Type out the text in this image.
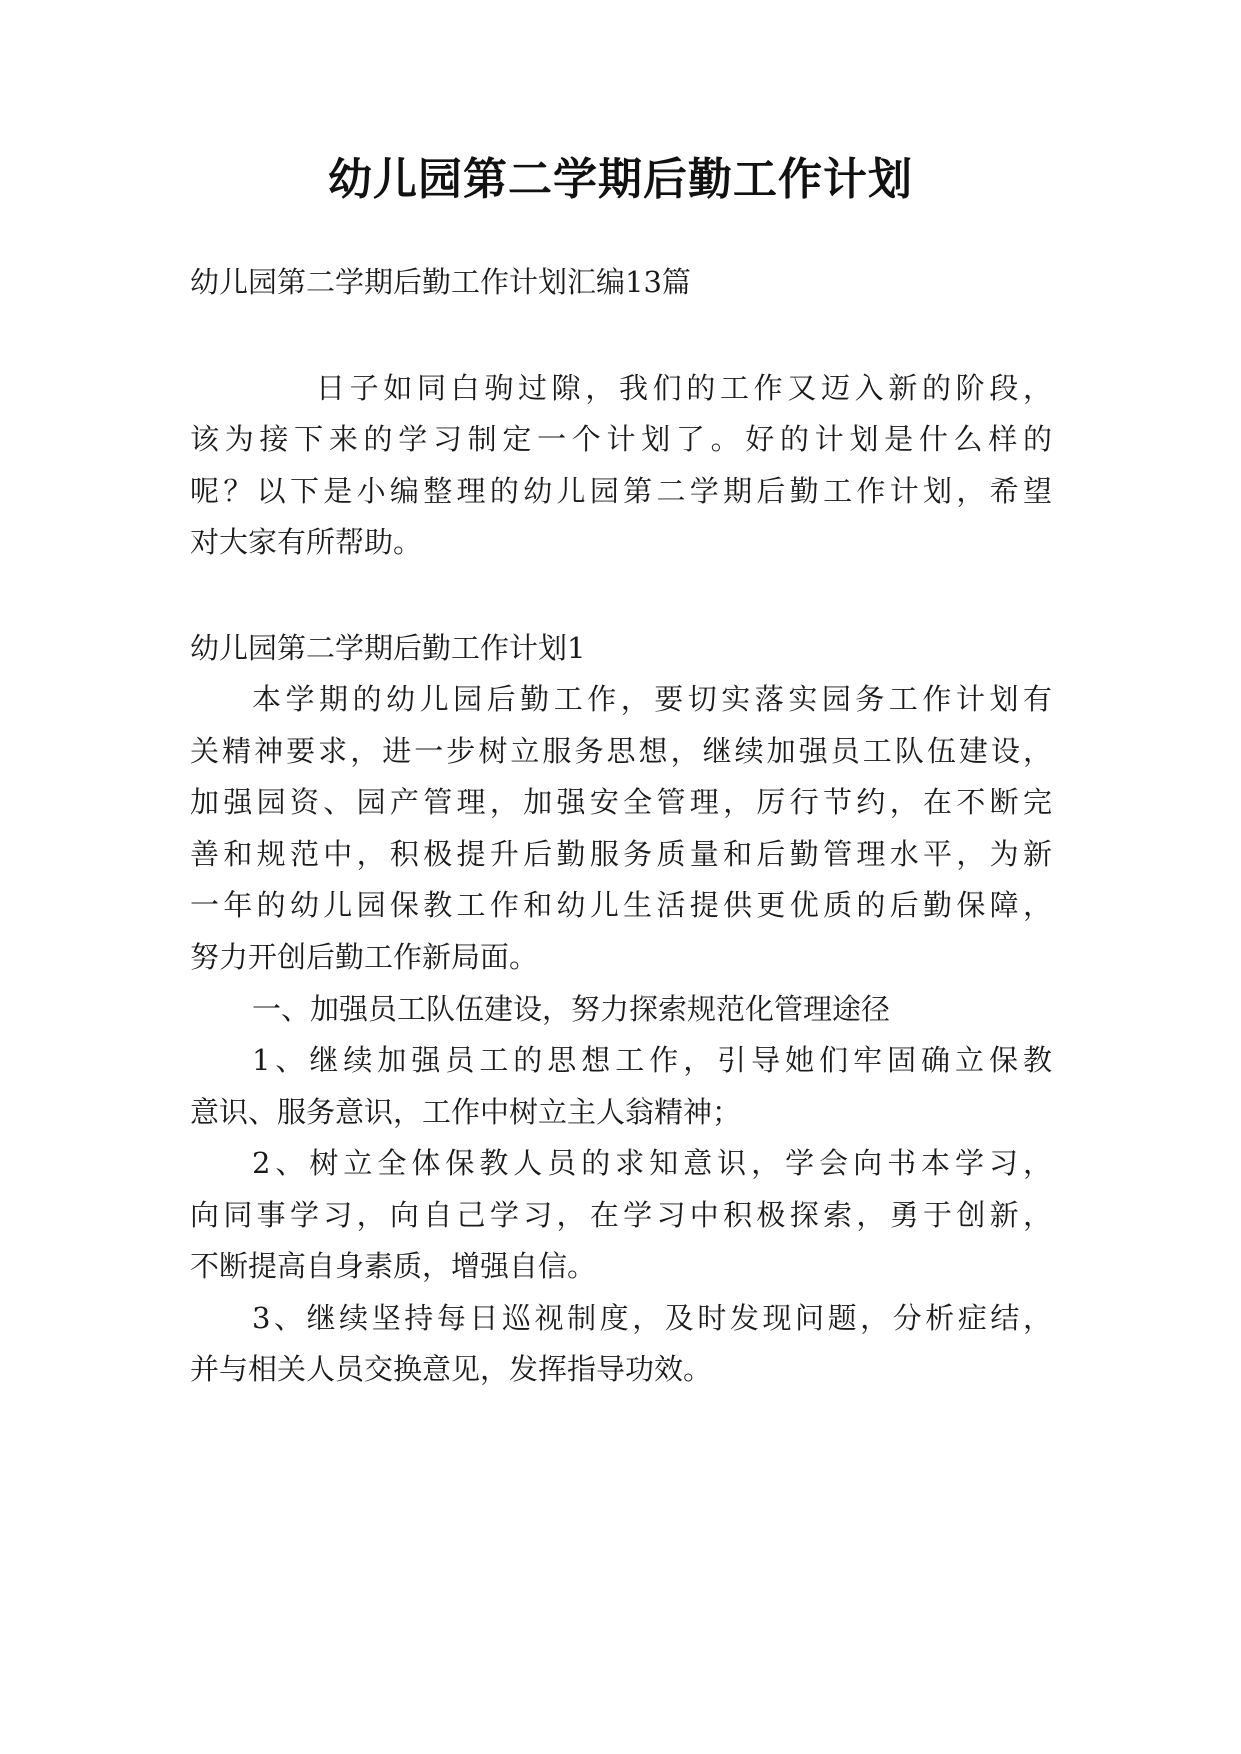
幼儿园第二学期后勤工作计划
幼儿园第二学期后勤工作计划汇编13篇
日子如同白驹过隙，我们的工作又迈入新的阶段，
该为接下来的学习制定一个计划了。好的计划是什么样的
呢？以下是小编整理的幼儿园第二学期后勤工作计划，希望
对大家有所帮助。
幼儿园第二学期后勤工作计划1
本学期的幼儿园后勤工作，要切实落实园务工作计划有
关精神要求，进一步树立服务思想，继续加强员工队伍建设，
加强园资、园产管理，加强安全管理，厉行节约，在不断完
善和规范中，积极提升后勤服务质量和后勤管理水平，为新
一年的幼儿园保教工作和幼儿生活提供更优质的后勤保障，
努力开创后勤工作新局面。
一、加强员工队伍建设，努力探索规范化管理途径
1、继续加强员工的思想工作，引导她们牢固确立保教
意识、服务意识，工作中树立主人翁精神；
2、树立全体保教人员的求知意识，学会向书本学习，
向同事学习，向自己学习，在学习中积极探索，勇于创新，
不断提高自身素质，增强自信。
3、继续坚持每日巡视制度，及时发现问题，分析症结，
并与相关人员交换意见，发挥指导功效。
